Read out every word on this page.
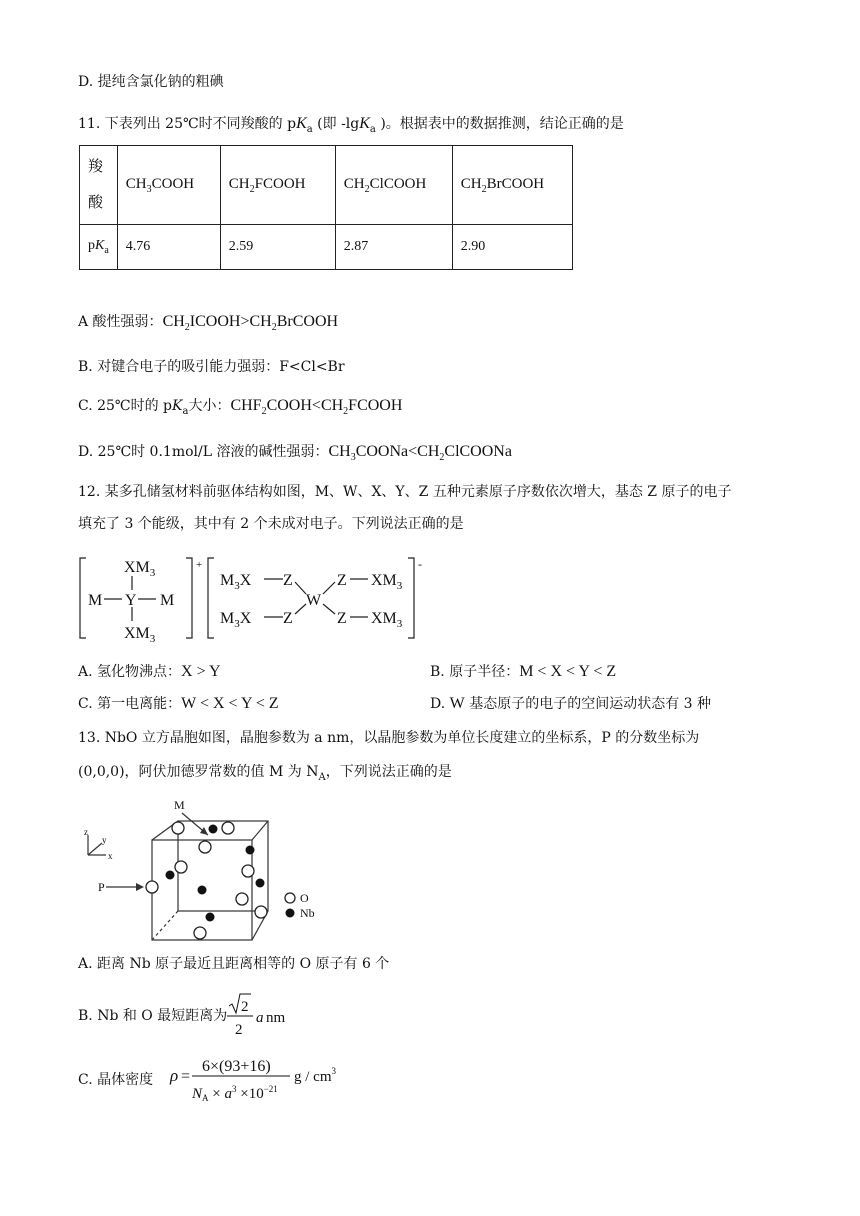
D. 提纯含氯化钠的粗碘
11. 下表列出 25℃时不同羧酸的 $pK_a$ (即 -lgK$_a$ )。根据表中的数据推测，结论正确的是
羧酸	$CH_3COOH$	$CH_2FCOOH$	$CH_2ClCOOH$	$CH_2BrCOOH$
$pK_a$	4.76	2.59	2.87	2.90
A 酸性强弱：$CH_2ICOOH>CH_2BrCOOH$
B. 对键合电子的吸引能力强弱：F<Cl<Br
C. 25℃时的 $pK_a$大小：$CHF_2COOH<CH_2FCOOH$
D. 25℃时 0.1mol/L 溶液的碱性强弱：$CH_3COONa<CH_2ClCOONa$
12. 某多孔储氢材料前驱体结构如图，M、W、X、Y、Z 五种元素原子序数依次增大，基态 Z 原子的电子
填充了 3 个能级，其中有 2 个未成对电子。下列说法正确的是
$XM_3$
M Y M
$XM_3$
+
$M_3X$ Z
$M_3X$ Z
W
Z
Z
$XM_3$
$XM_3$
-
A. 氢化物沸点：X > Y	B. 原子半径：M < X < Y < Z
C. 第一电离能：W < X < Y < Z	D. W 基态原子的电子的空间运动状态有 3 种
13. NbO 立方晶胞如图，晶胞参数为 a nm，以晶胞参数为单位长度建立的坐标系，P 的分数坐标为
(0,0,0)，阿伏加德罗常数的值 M 为 $N_A$，下列说法正确的是
M
P
O
Nb
z
y
x
A. 距离 Nb 原子最近且距离相等的 O 原子有 6 个
B. Nb 和 O 最短距离为
2
2
a nm
C. 晶体密度 ρ =
6×(93+16)
$N_A \times a^3 \times 10^{-21}$
g / $cm^3$
